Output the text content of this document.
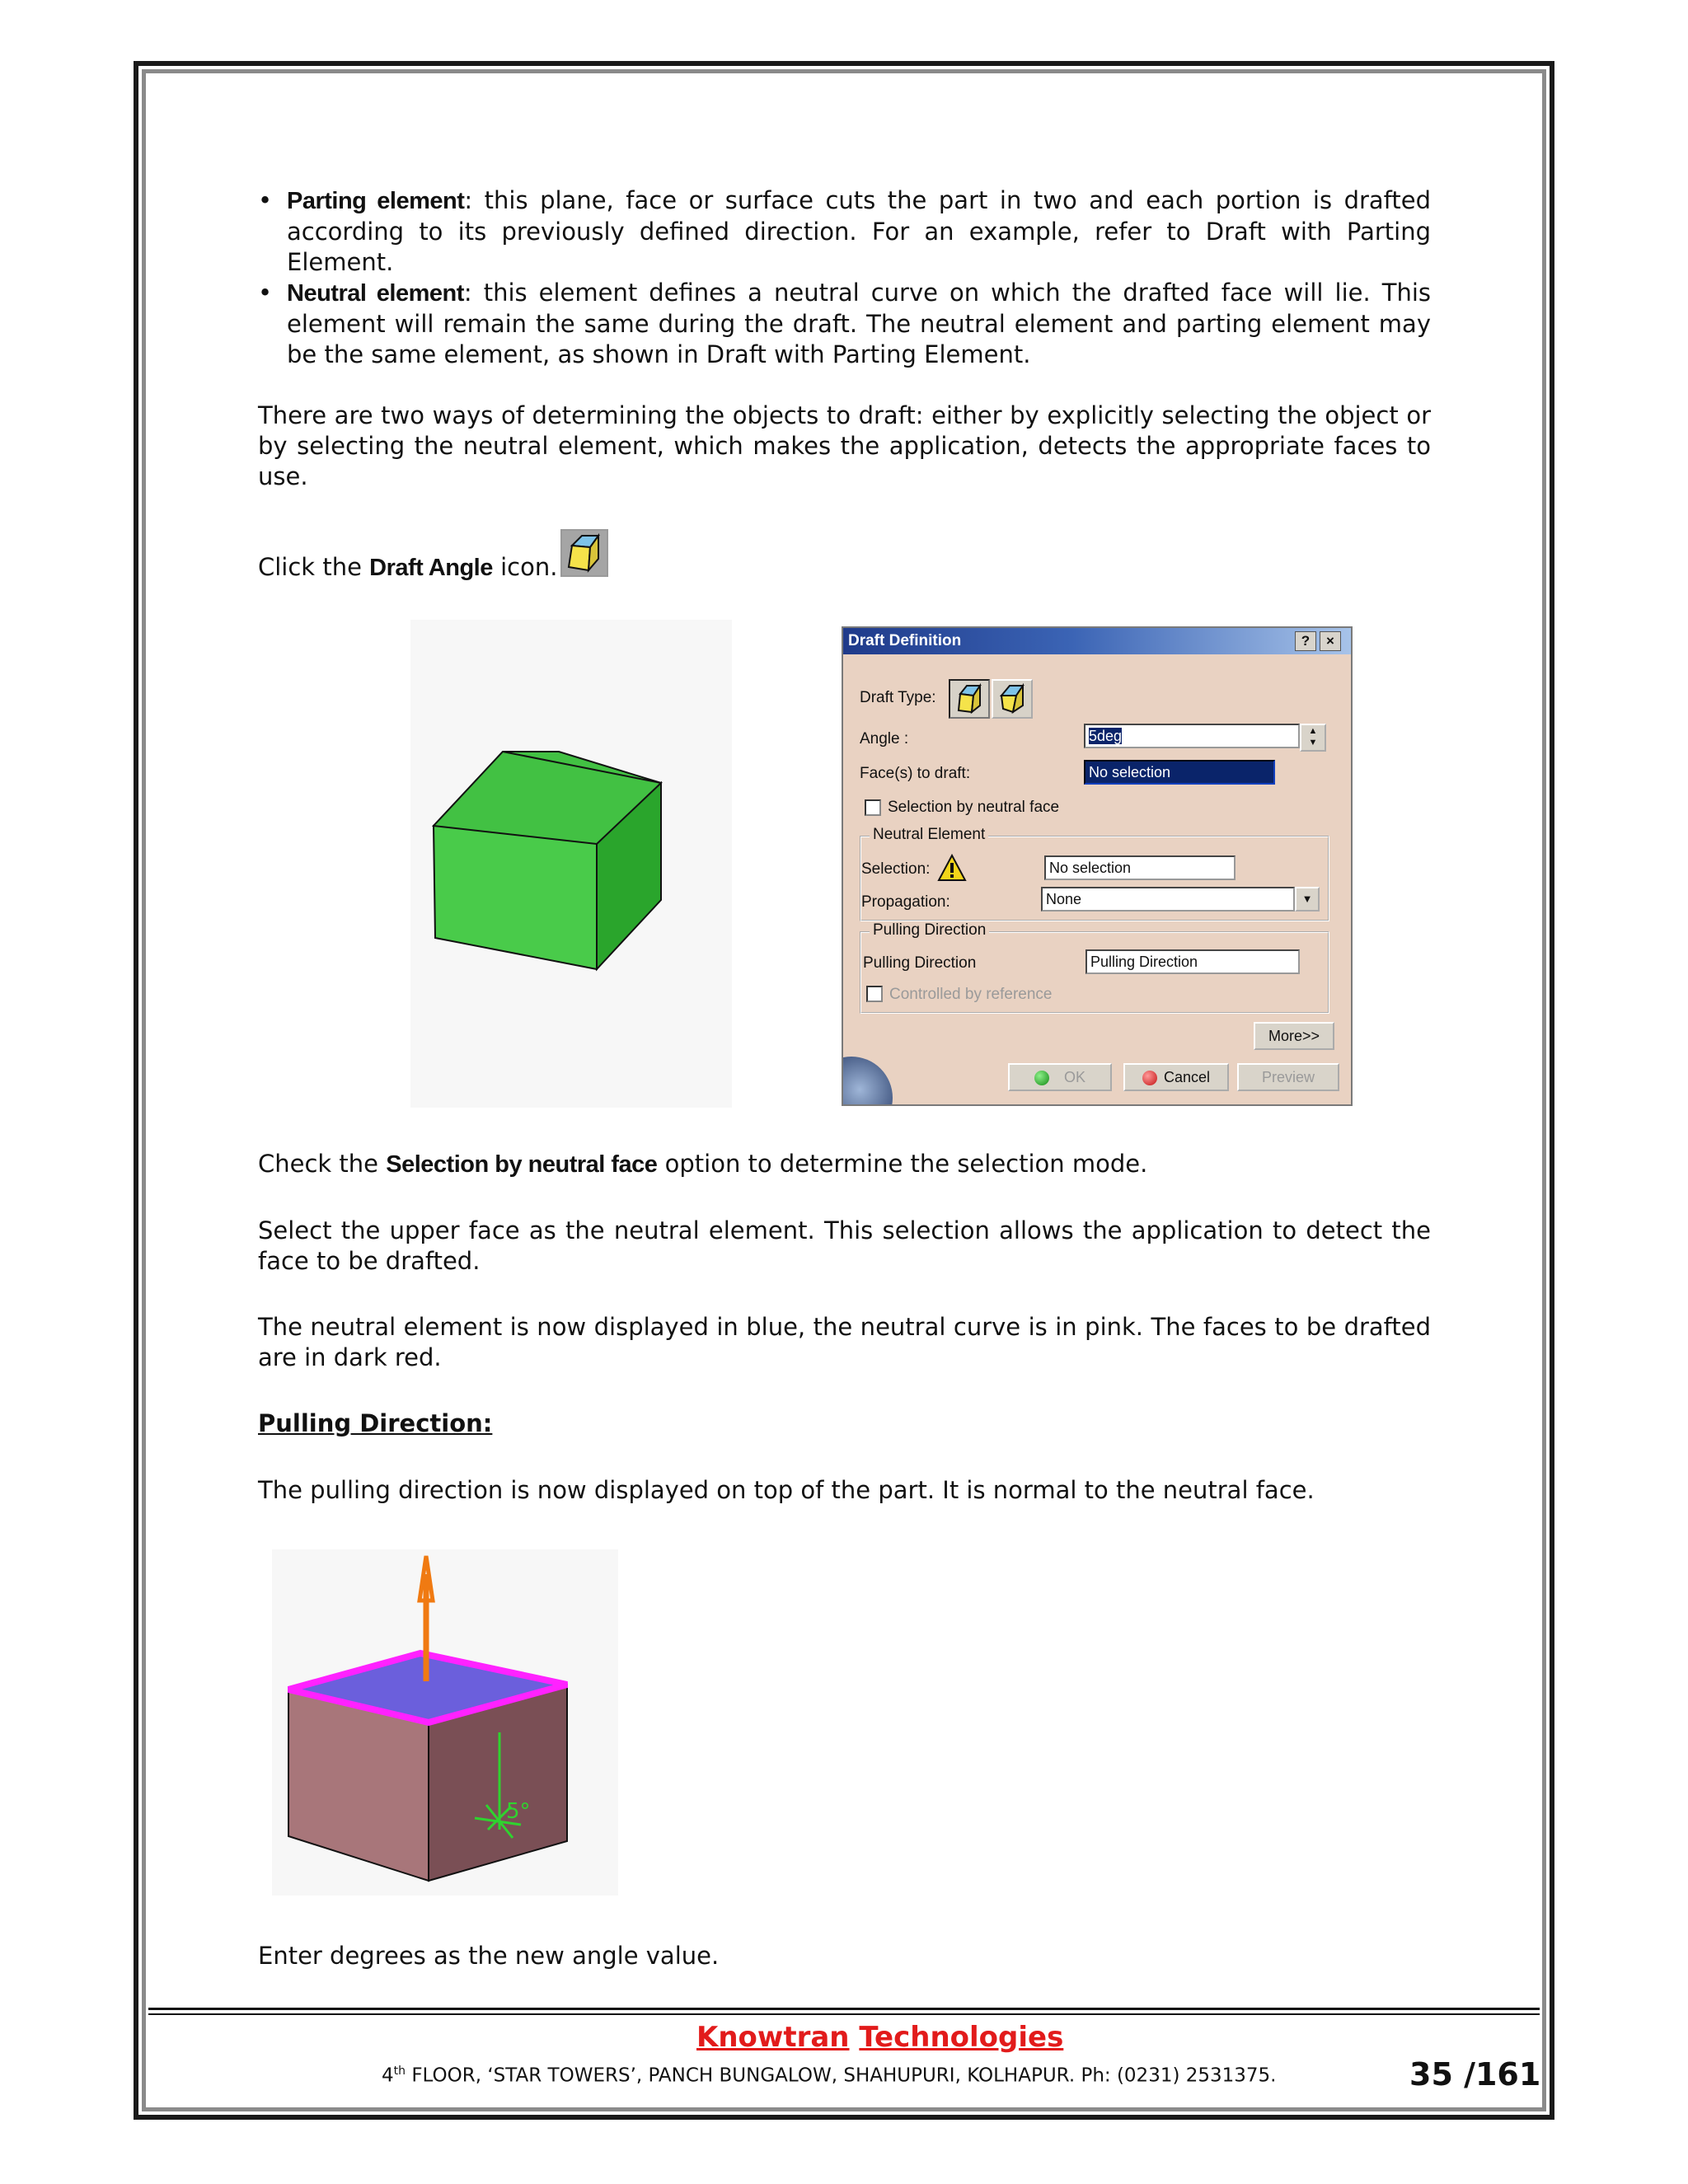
• Parting element: this plane, face or surface cuts the part in two and each portion is drafted according to its previously defined direction. For an example, refer to Draft with Parting Element.
• Neutral element: this element defines a neutral curve on which the drafted face will lie. This element will remain the same during the draft. The neutral element and parting element may be the same element, as shown in Draft with Parting Element.
There are two ways of determining the objects to draft: either by explicitly selecting the object or by selecting the neutral element, which makes the application, detects the appropriate faces to use.
Click the Draft Angle icon.
Draft Definition	?	×
Draft Type:
Angle :	5deg	▲
▼
Face(s) to draft:	No selection
Selection by neutral face
Neutral Element
Selection:	No selection
Propagation:	None	▼
Pulling Direction
Pulling Direction	Pulling Direction
Controlled by reference
More>>
OK	Cancel	Preview
Check the Selection by neutral face option to determine the selection mode.
Select the upper face as the neutral element. This selection allows the application to detect the face to be drafted.
The neutral element is now displayed in blue, the neutral curve is in pink. The faces to be drafted are in dark red.
Pulling Direction:
The pulling direction is now displayed on top of the part. It is normal to the neutral face.
5°
Enter degrees as the new angle value.
Knowtran Technologies
4th FLOOR, ‘STAR TOWERS’, PANCH BUNGALOW, SHAHUPURI, KOLHAPUR. Ph: (0231) 2531375.	35 /161
